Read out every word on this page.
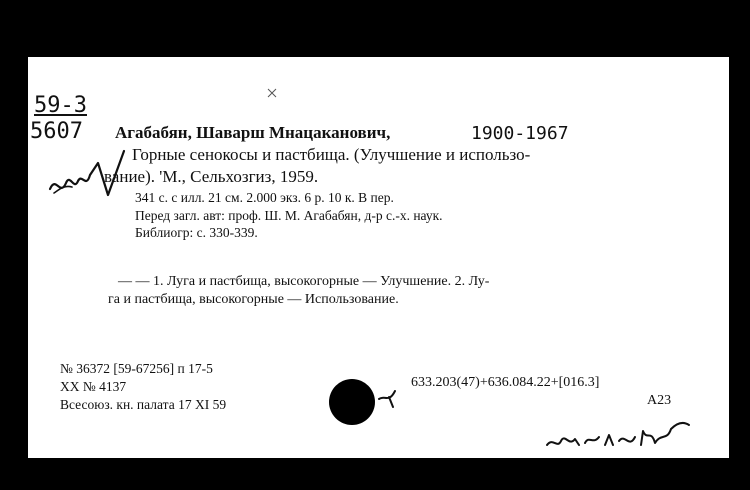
59-3
5607 Агабабян, Шаварш Мнацаканович,	1900-1967
Горные сенокосы и пастбища. (Улучшение и использо-
вание). 'М., Сельхозгиз, 1959.
341 с. с илл. 21 см. 2.000 экз. 6 р. 10 к. В пер.
Перед загл. авт: проф. Ш. М. Агабабян, д-р с.-х. наук.
Библиогр: с. 330-339.
— — 1. Луга и пастбища, высокогорные — Улучшение. 2. Лу-
га и пастбища, высокогорные — Использование.
№ 36372 [59-67256] п 17-5
XX № 4137
Всесоюз. кн. палата 17 XI 59
633.203(47)+636.084.22+[016.3]
А23
